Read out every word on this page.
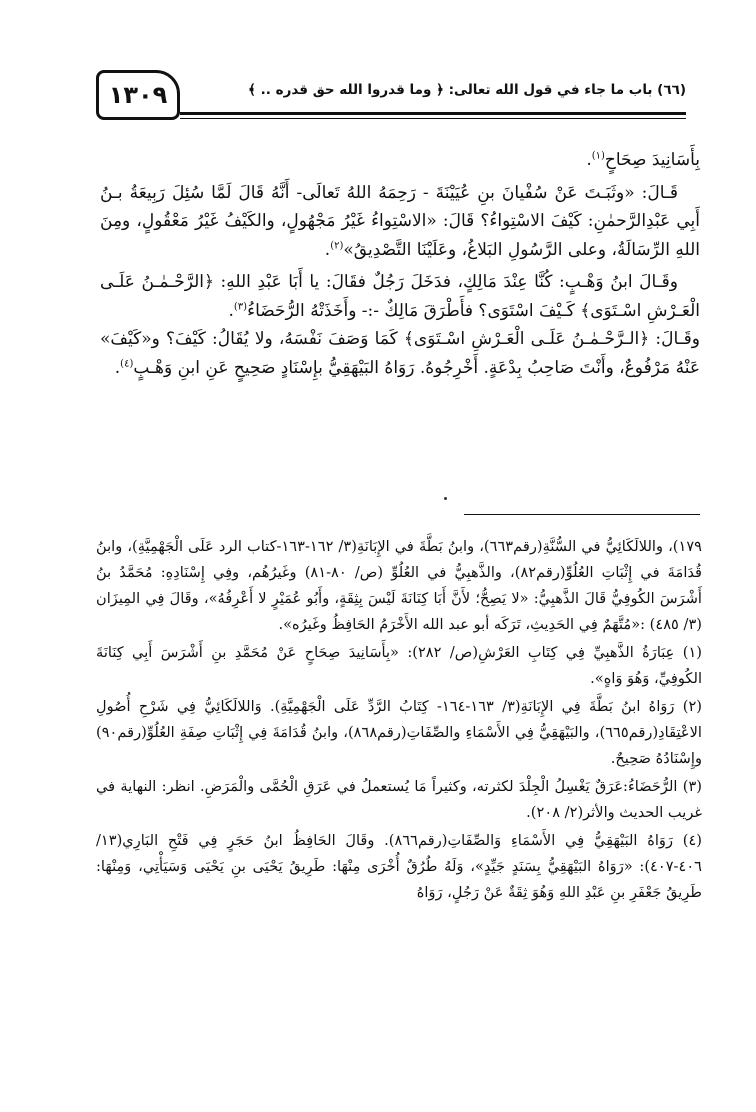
١٣٠٩	(٦٦) باب ما جاء في قول الله تعالى: ﴿ وما قدروا الله حق قدره .. ﴾

بِأَسَانِيدَ صِحَاحٍ$^{(١)}$.

قَـالَ: «وثَبَـتَ عَنْ سُفْيانَ بنِ عُيَيْنَةَ - رَحِمَهُ اللهُ تَعالَى- أَنَّهُ قَالَ لَمَّا سُئِلَ رَبِيعَةُ بـنُ أَبِي عَبْدِالرَّحمٰنِ: كَيْفَ الاسْتِواءُ؟ قَالَ: «الاسْتِواءُ غَيْرُ مَجْهُولٍ، والكَيْفُ غَيْرُ مَعْقُولٍ، ومِنَ اللهِ الرِّسَالَةُ، وعلى الرَّسُولِ البَلاغُ، وعَلَيْنَا التَّصْدِيقُ»$^{(٢)}$.

وقَـالَ ابنُ وَهْـبٍ: كُنَّا عِنْدَ مَالِكٍ، فدَخَلَ رَجُلٌ فقَالَ: يا أَبَا عَبْدِ اللهِ: ﴿الرَّحْـمٰـنُ عَلَـى الْعَـرْشِ اسْـتَوَى﴾ كَـيْفَ اسْتَوَى؟ فأَطْرَقَ مَالِكٌ -:- وأَخَذَتْهُ الرُّحَضَاءُ$^{(٣)}$.

وقَـالَ: ﴿الـرَّحْـمٰـنُ عَلَـى الْعَـرْشِ اسْـتَوَى﴾ كَمَا وَصَفَ نَفْسَهُ، ولا يُقَالُ: كَيْفَ؟ و«كَيْفَ» عَنْهُ مَرْفُوعٌ، وأَنْتَ صَاحِبُ بِدْعَةٍ. أَخْرِجُوهُ. رَوَاهُ البَيْهَقِيُّ بإِسْنَادٍ صَحِيحٍ عَنِ ابنِ وَهْـبٍ$^{(٤)}$.

١٧٩)، واللالَكَائِيُّ في السُّنَّةِ(رقم٦٦٣)، وابنُ بَطَّةَ في الإِبَانَةِ(٣/ ١٦٢-١٦٣-كتاب الرد عَلَى الْجَهْمِيَّةِ)، وابنُ قُدَامَةَ في إِثْبَاتِ العُلُوِّ(رقم٨٢)، والذَّهبِيُّ في العُلُوِّ (ص/ ٨٠-٨١) وغَيرُهُم، وفِي إِسْنَادِهِ: مُحَمَّدُ بنُ أَشْرَسَ الكُوفِيُّ قَالَ الذَّهبِيُّ: «لا يَصِحُّ؛ لأَنَّ أَبَا كِنَانَةَ لَيْسَ بِثِقَةٍ، وأَبُو عُمَيْرٍ لا أَعْرِفُهُ»، وقَالَ فِي المِيزَان (٣/ ٤٨٥) :«مُتَّهَمٌ فِي الحَدِيثِ، تَرَكَه أبو عبد الله الأَخْرَمُ الحَافِظُ وغَيرُه».

(١) عِبَارَةُ الذَّهبِيِّ فِي كِتَابِ العَرْشِ(ص/ ٢٨٢): «بِأَسَانِيدَ صِحَاحٍ عَنْ مُحَمَّدِ بنِ أَشْرَسَ أَبِي كِنَانَةَ الكُوفِيِّ، وَهُوَ وَاهٍ».

(٢) رَوَاهُ ابنُ بَطَّةَ فِي الإِبَانَةِ(٣/ ١٦٣-١٦٤- كِتَابُ الرَّدِّ عَلَى الْجَهْمِيَّةِ). وَاللالَكَائِيُّ فِي شَرْحِ أُصُولِ الاعْتِقَادِ(رقم٦٦٥)، والبَيْهَقِيُّ فِي الأَسْمَاءِ والصِّفَاتِ(رقم٨٦٨)، وابنُ قُدَامَةَ فِي إِثْبَاتِ صِفَةِ العُلُوِّ(رقم٩٠) وإِسْنَادُهُ صَحِيحٌ.

(٣) الرُّحَضَاءُ:عَرَقٌ يَغْسِلُ الْجِلْدَ لكثرته، وكثيراً مَا يُستعملُ في عَرَقِ الْحُمَّى والْمَرَضِ. انظر: النهاية في غريب الحديث والأثر(٢/ ٢٠٨).

(٤) رَوَاهُ البَيْهَقِيُّ فِي الأَسْمَاءِ وَالصِّفَاتِ(رقم٨٦٦). وقَالَ الحَافِظُ ابنُ حَجَرٍ فِي فَتْحِ البَارِي(١٣/ ٤٠٦-٤٠٧): «رَوَاهُ البَيْهَقِيُّ بِسَنَدٍ جَيِّدٍ»، وَلَهُ طُرُقٌ أُخْرَى مِنْهَا: طَرِيقُ يَحْيَى بنِ يَحْيَى وَسَيَأْتِي، وَمِنْهَا: طَرِيقُ جَعْفَرِ بنِ عَبْدِ اللهِ وَهُوَ ثِقَةٌ عَنْ رَجُلٍ، رَوَاهُ
